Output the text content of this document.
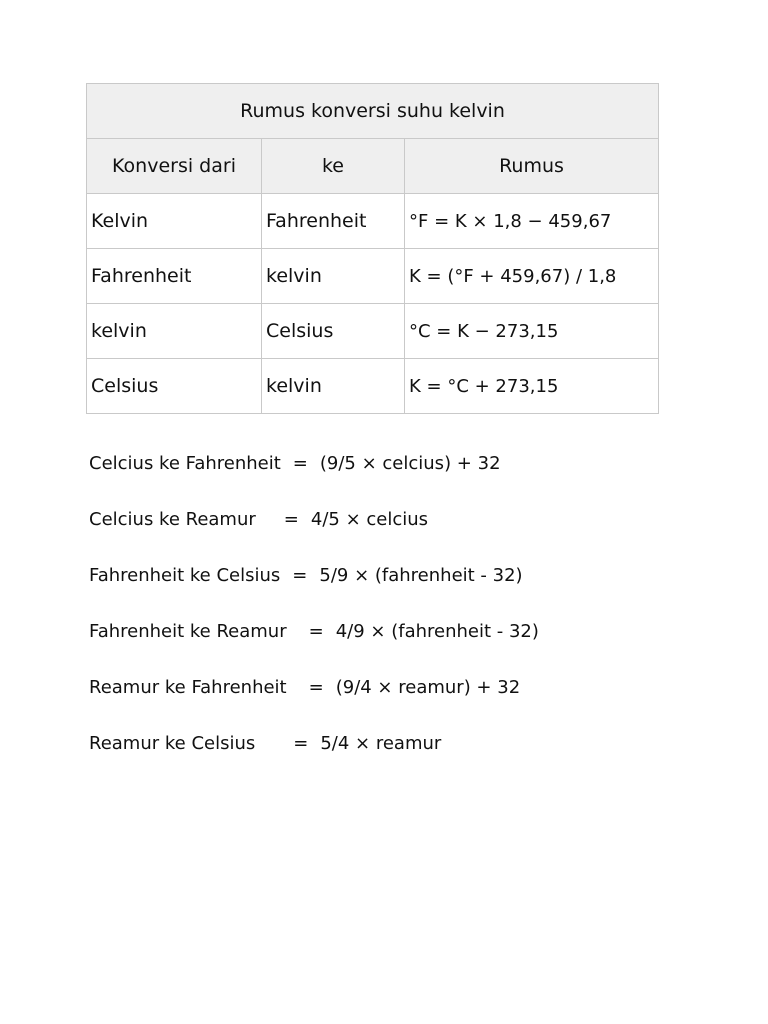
Rumus konversi suhu kelvin		
Konversi dari	ke	Rumus
Kelvin	Fahrenheit	°F = K × 1,8 − 459,67
Fahrenheit	kelvin	K = (°F + 459,67) / 1,8
kelvin	Celsius	°C = K − 273,15
Celsius	kelvin	K = °C + 273,15
Celcius ke Fahrenheit = (9/5 × celcius) + 32
Celcius ke Reamur = 4/5 × celcius
Fahrenheit ke Celsius = 5/9 × (fahrenheit - 32)
Fahrenheit ke Reamur = 4/9 × (fahrenheit - 32)
Reamur ke Fahrenheit = (9/4 × reamur) + 32
Reamur ke Celsius = 5/4 × reamur
